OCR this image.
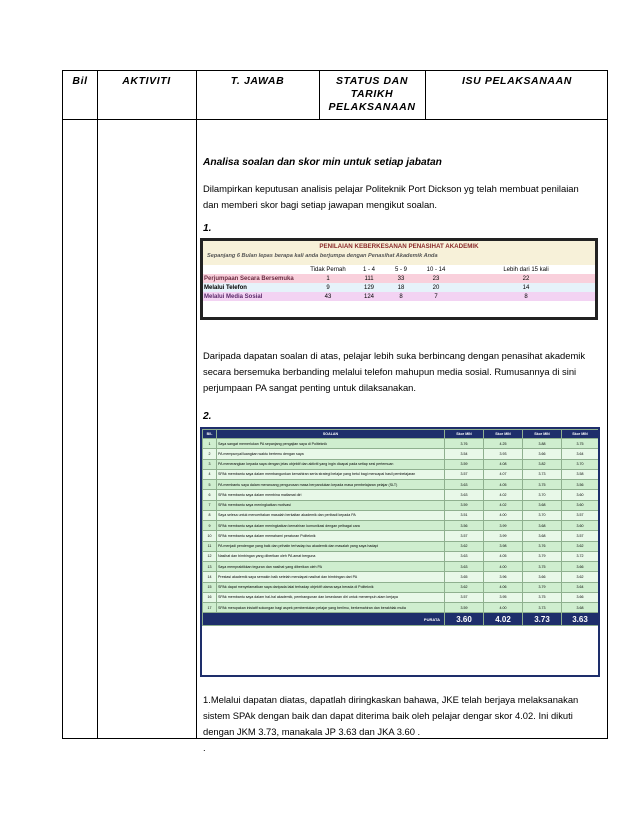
Bil	AKTIVITI	T. JAWAB	STATUS DAN
TARIKH
PELAKSANAAN
ISU PELAKSANAAN

Analisa soalan dan skor min untuk setiap jabatan

Dilampirkan keputusan analisis pelajar Politeknik Port Dickson yg telah membuat penilaian

dan memberi skor bagi setiap jawapan mengikut soalan.

1.

PENILAIAN KEBERKESANAN PENASIHAT AKADEMIK
Sepanjang 6 Bulan lepas berapa kali anda berjumpa dengan Penasihat Akademik Anda
	Tidak Pernah	1 - 4	5 - 9	10 - 14	Lebih dari 15 kali
Perjumpaan Secara Bersemuka	1	111	33	23	22
Melalui Telefon	9	129	18	20	14
Melalui Media Sosial	43	124	8	7	8

Daripada dapatan soalan di atas, pelajar lebih suka berbincang dengan penasihat akademik

secara bersemuka berbanding melalui telefon mahupun media sosial. Rumusannya di sini

perjumpaan PA sangat penting untuk dilaksanakan.

2.

BIL	SOALAN	Skor MIN	Skor MIN	Skor MIN	Skor MIN
1	Saya sangat memerlukan PA sepanjang pengajian saya di Politeknik	3.76	4.25	3.88	3.75
2	PA mempunyai/luangkan waktu bertemu dengan saya	3.54	3.93	3.66	3.64
3	PA menerangkan kepada saya dengan jelas objektif dan aktiviti yang ingin dicapai pada setiap sesi pertemuan	3.59	4.08	3.82	3.70
4	SPAk membantu saya dalam membangunkan kemahiran serta strategi belajar yang betul bagi mencapai hasil pembelajaran	3.57	4.07	3.73	3.58
5	PA membantu saya dalam merancang pengurusan masa berpandukan kepada masa pembelajaran pelajar (SLT)	3.63	4.05	3.75	3.56
6	SPAk membantu saya dalam membina matlamat diri	3.63	4.02	3.70	3.60
7	SPAk membantu saya meningkatkan motivasi	3.59	4.02	3.68	3.60
8	Saya selesa untuk menceritakan masalah berkaitan akademik dan peribadi kepada PA	3.51	4.00	3.70	3.57
9	SPAk membantu saya dalam meningkatkan kemahiran komunikasi dengan pelbagai cara	3.56	3.99	3.68	3.60
10	SPAk membantu saya dalam memahami peraturan Politeknik	3.57	3.99	3.68	3.57
11	PA menjadi pendengar yang baik dan prihatin terhadap isu akademik dan masalah yang saya hadapi	3.62	3.98	3.76	3.62
12	Nasihat dan bimbingan yang diberikan oleh PA amat berguna	3.63	4.05	3.79	3.72
13	Saya mempraktikkan teguran dan nasihat yang diberikan oleh PA	3.63	4.00	3.75	3.66
14	Prestasi akademik saya semakin baik setelah mendapat nasihat dan bimbingan dari PA	3.65	3.96	3.66	3.62
15	SPAk dapat menyelamatkan saya daripada lalai terhadap objektif utama saya berada di Politeknik	3.62	4.06	3.79	3.64
16	SPAk membantu saya dalam hal-hal akademik, pembangunan dan kesedaran diri untuk menempuh alam kerjaya	3.57	3.95	3.75	3.66
17	SPAk merupakan inisiatif sokongan bagi aspek pembentukan pelajar yang berilmu, berkemahiran dan berakhlak mulia	3.59	4.00	3.73	3.68
PURATA		3.60	4.02	3.73	3.63

1.Melalui dapatan diatas, dapatlah diringkaskan bahawa, JKE telah berjaya melaksanakan

sistem SPAk dengan baik dan dapat diterima baik oleh pelajar dengar skor 4.02. Ini dikuti

dengan JKM 3.73, manakala JP 3.63 dan JKA 3.60 .

.
